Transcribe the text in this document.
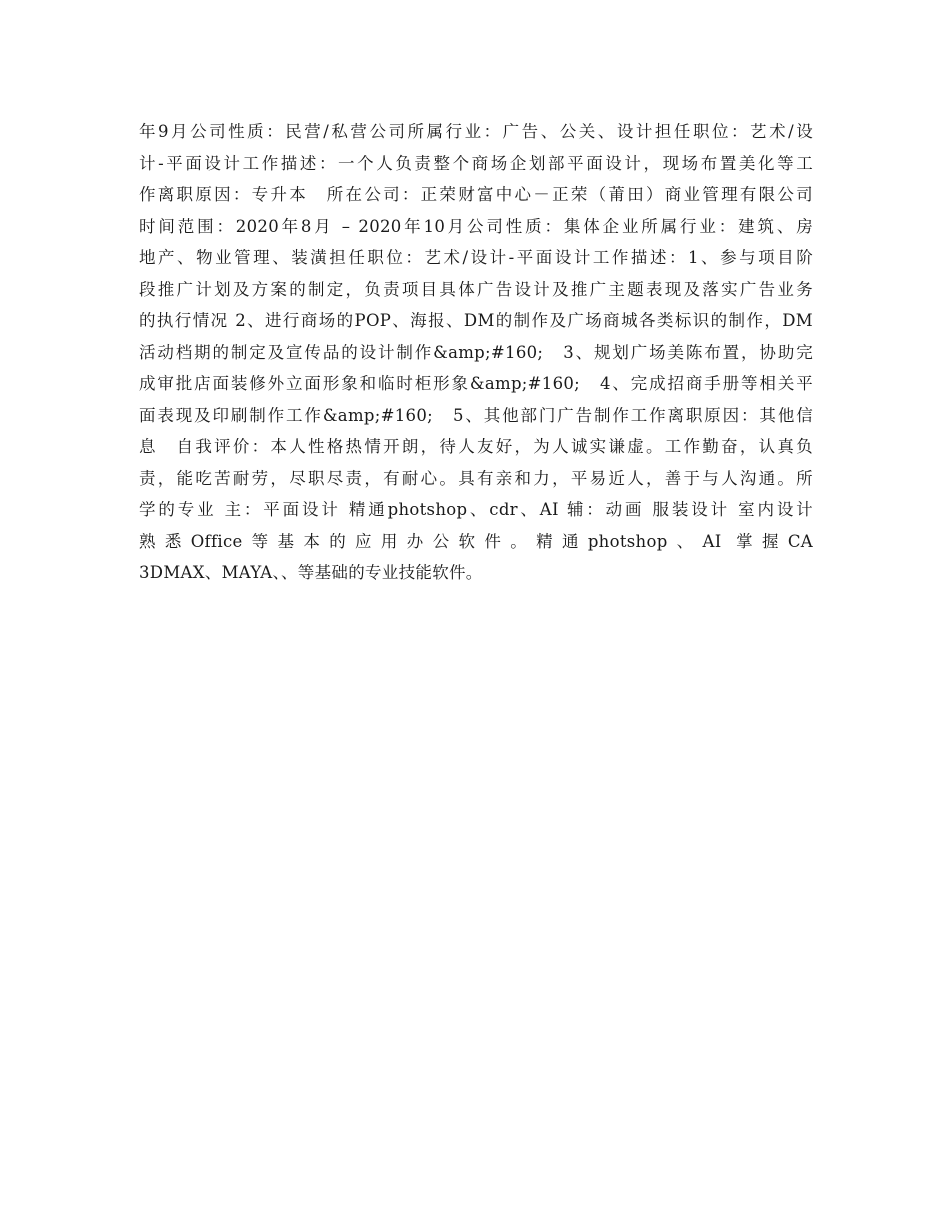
年9月公司性质：民营/私营公司所属行业：广告、公关、设计担任职位：艺术/设
计-平面设计工作描述：一个人负责整个商场企划部平面设计，现场布置美化等工
作离职原因：专升本　所在公司：正荣财富中心－正荣（莆田）商业管理有限公司
时间范围：2020年8月 – 2020年10月公司性质：集体企业所属行业：建筑、房
地产、物业管理、装潢担任职位：艺术/设计-平面设计工作描述：1、参与项目阶
段推广计划及方案的制定，负责项目具体广告设计及推广主题表现及落实广告业务
的执行情况 2、进行商场的POP、海报、DM的制作及广场商城各类标识的制作，DM
活动档期的制定及宣传品的设计制作&amp;#160;　3、规划广场美陈布置，协助完
成审批店面装修外立面形象和临时柜形象&amp;#160;　4、完成招商手册等相关平
面表现及印刷制作工作&amp;#160;　5、其他部门广告制作工作离职原因：其他信
息　自我评价：本人性格热情开朗，待人友好，为人诚实谦虚。工作勤奋，认真负
责，能吃苦耐劳，尽职尽责，有耐心。具有亲和力，平易近人，善于与人沟通。所
学的专业 主：平面设计 精通photshop、cdr、AI 辅：动画 服装设计 室内设计
熟悉Office等基本的应用办公软件。精通photshop、AI 掌握CA
3DMAX、MAYA、、等基础的专业技能软件。
